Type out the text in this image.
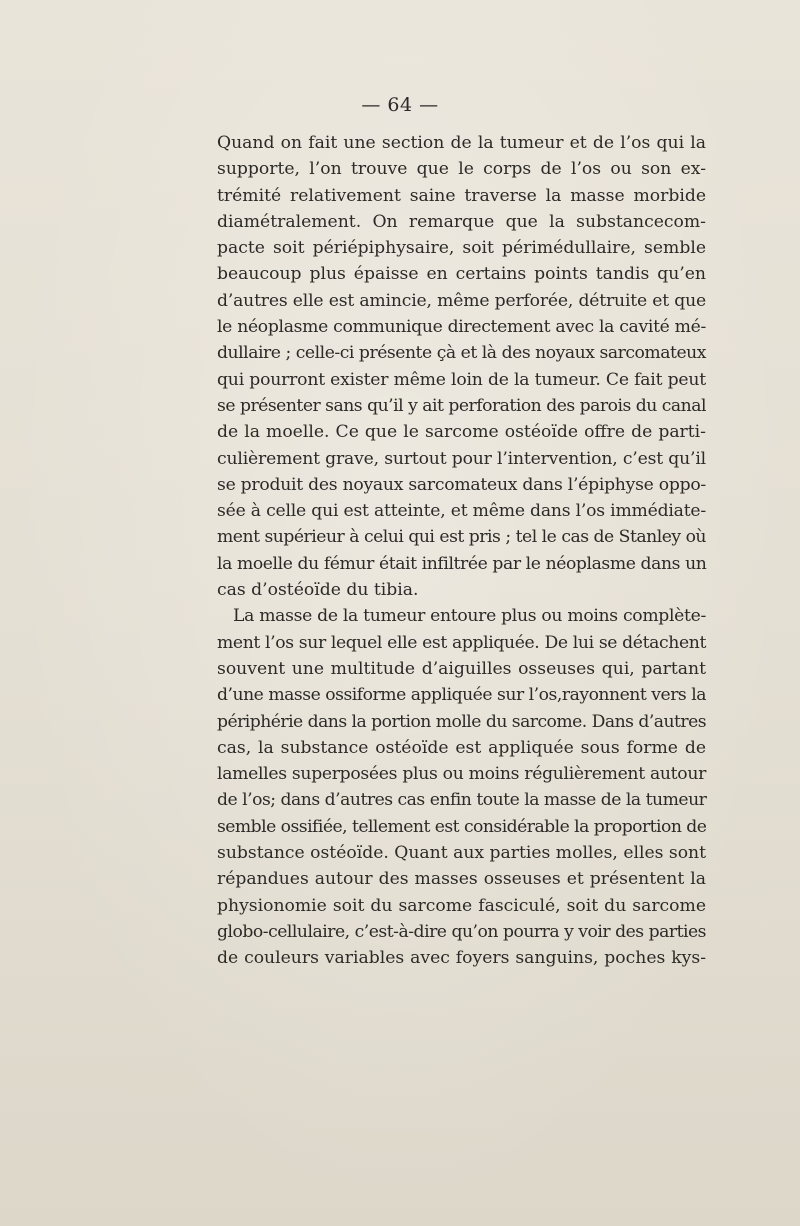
— 64 —

Quand on fait une section de la tumeur et de l’os qui la
supporte, l’on trouve que le corps de l’os ou son ex-
trémité relativement saine traverse la masse morbide
diamétralement. On remarque que la substancecom-
pacte soit périépiphysaire, soit périmédullaire, semble
beaucoup plus épaisse en certains points tandis qu’en
d’autres elle est amincie, même perforée, détruite et que
le néoplasme communique directement avec la cavité mé-
dullaire ; celle-ci présente çà et là des noyaux sarcomateux
qui pourront exister même loin de la tumeur. Ce fait peut
se présenter sans qu’il y ait perforation des parois du canal
de la moelle. Ce que le sarcome ostéoïde offre de parti-
culièrement grave, surtout pour l’intervention, c’est qu’il
se produit des noyaux sarcomateux dans l’épiphyse oppo-
sée à celle qui est atteinte, et même dans l’os immédiate-
ment supérieur à celui qui est pris ; tel le cas de Stanley où
la moelle du fémur était infiltrée par le néoplasme dans un
cas d’ostéoïde du tibia.

La masse de la tumeur entoure plus ou moins complète-
ment l’os sur lequel elle est appliquée. De lui se détachent
souvent une multitude d’aiguilles osseuses qui, partant
d’une masse ossiforme appliquée sur l’os,rayonnent vers la
périphérie dans la portion molle du sarcome. Dans d’autres
cas, la substance ostéoïde est appliquée sous forme de
lamelles superposées plus ou moins régulièrement autour
de l’os; dans d’autres cas enfin toute la masse de la tumeur
semble ossifiée, tellement est considérable la proportion de
substance ostéoïde. Quant aux parties molles, elles sont
répandues autour des masses osseuses et présentent la
physionomie soit du sarcome fasciculé, soit du sarcome
globo-cellulaire, c’est-à-dire qu’on pourra y voir des parties
de couleurs variables avec foyers sanguins, poches kys-
